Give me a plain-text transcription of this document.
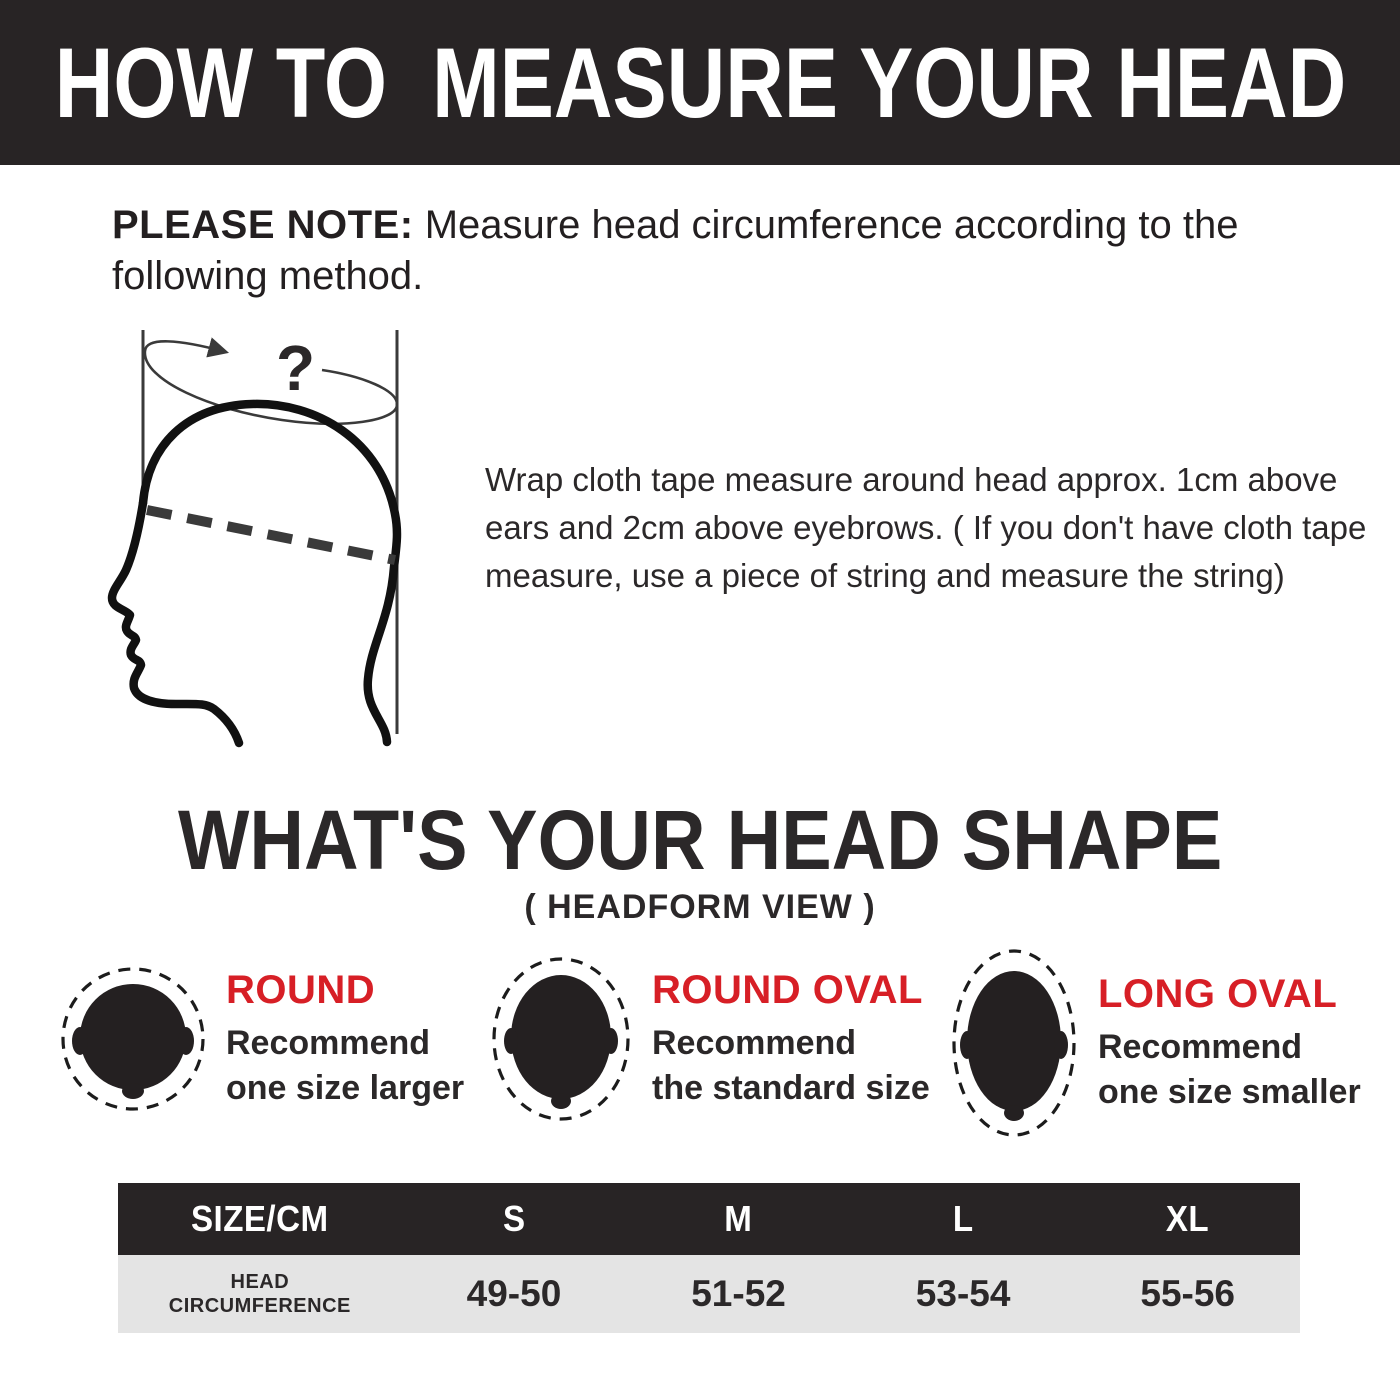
HOW TO  MEASURE YOUR HEAD

PLEASE NOTE: Measure head circumference according to the following method.

?

Wrap cloth tape measure around head approx. 1cm above ears and 2cm above eyebrows. ( If you don't have cloth tape measure, use a piece of string and measure the string)

WHAT'S YOUR HEAD SHAPE
( HEADFORM VIEW )
ROUND
Recommend
one size larger
ROUND OVAL
Recommend
the standard size
LONG OVAL
Recommend
one size smaller
SIZE/CM	S	M	L	XL
HEAD CIRCUMFERENCE	49-50	51-52	53-54	55-56
